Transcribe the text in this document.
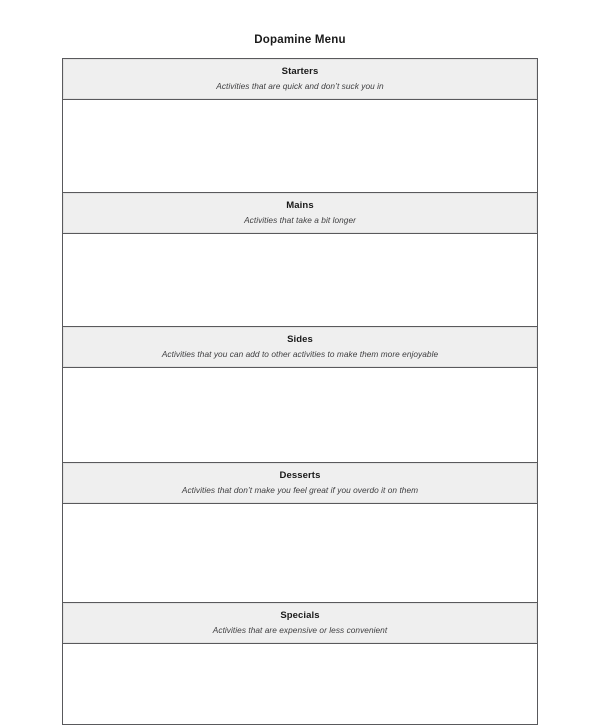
Dopamine Menu
Starters
Activities that are quick and don’t suck you in

Mains
Activities that take a bit longer

Sides
Activities that you can add to other activities to make them more enjoyable

Desserts
Activities that don’t make you feel great if you overdo it on them

Specials
Activities that are expensive or less convenient
